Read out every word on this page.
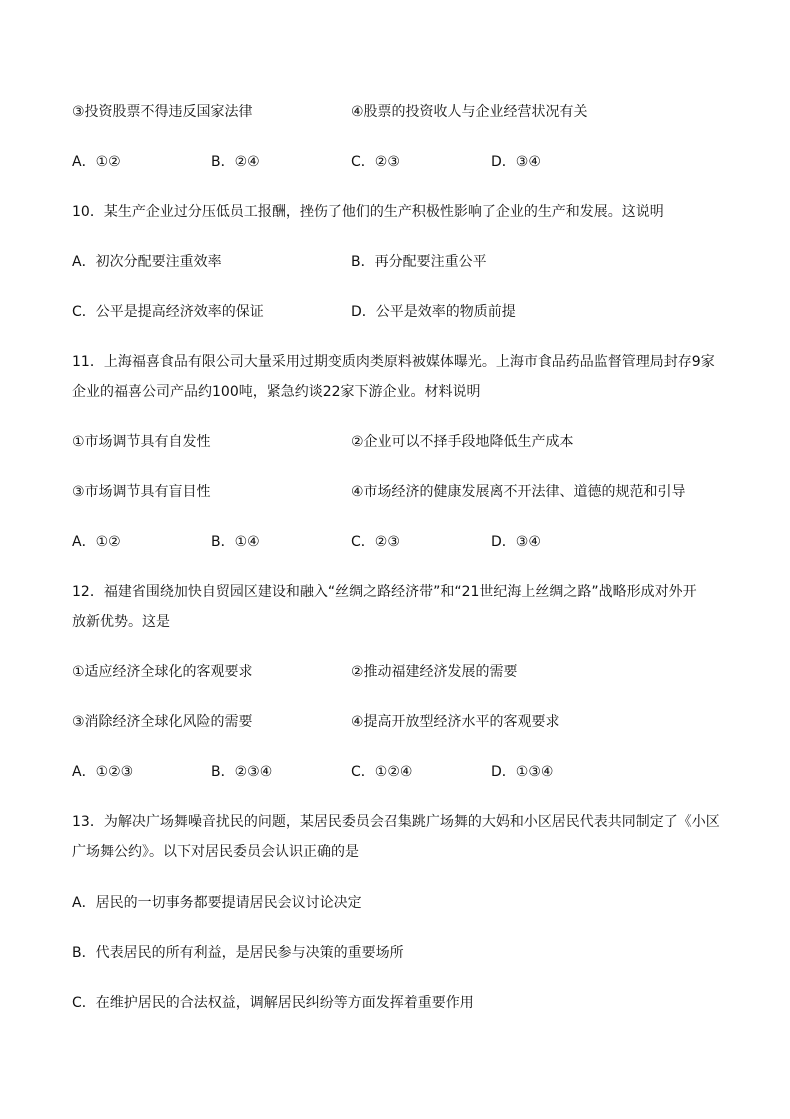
③投资股票不得违反国家法律	④股票的投资收人与企业经营状况有关
A．①②	B．②④	C．②③	D．③④
10．某生产企业过分压低员工报酬，挫伤了他们的生产积极性影响了企业的生产和发展。这说明
A．初次分配要注重效率	B．再分配要注重公平
C．公平是提高经济效率的保证	D．公平是效率的物质前提
11．上海福喜食品有限公司大量采用过期变质肉类原料被媒体曝光。上海市食品药品监督管理局封存9家
企业的福喜公司产品约100吨，紧急约谈22家下游企业。材料说明
①市场调节具有自发性	②企业可以不择手段地降低生产成本
③市场调节具有盲目性	④市场经济的健康发展离不开法律、道德的规范和引导
A．①②	B．①④	C．②③	D．③④
12．福建省围绕加快自贸园区建设和融入“丝绸之路经济带”和“21世纪海上丝绸之路”战略形成对外开
放新优势。这是
①适应经济全球化的客观要求	②推动福建经济发展的需要
③消除经济全球化风险的需要	④提高开放型经济水平的客观要求
A．①②③	B．②③④	C．①②④	D．①③④
13．为解决广场舞噪音扰民的问题，某居民委员会召集跳广场舞的大妈和小区居民代表共同制定了《小区
广场舞公约》。以下对居民委员会认识正确的是
A．居民的一切事务都要提请居民会议讨论决定
B．代表居民的所有利益，是居民参与决策的重要场所
C．在维护居民的合法权益，调解居民纠纷等方面发挥着重要作用
